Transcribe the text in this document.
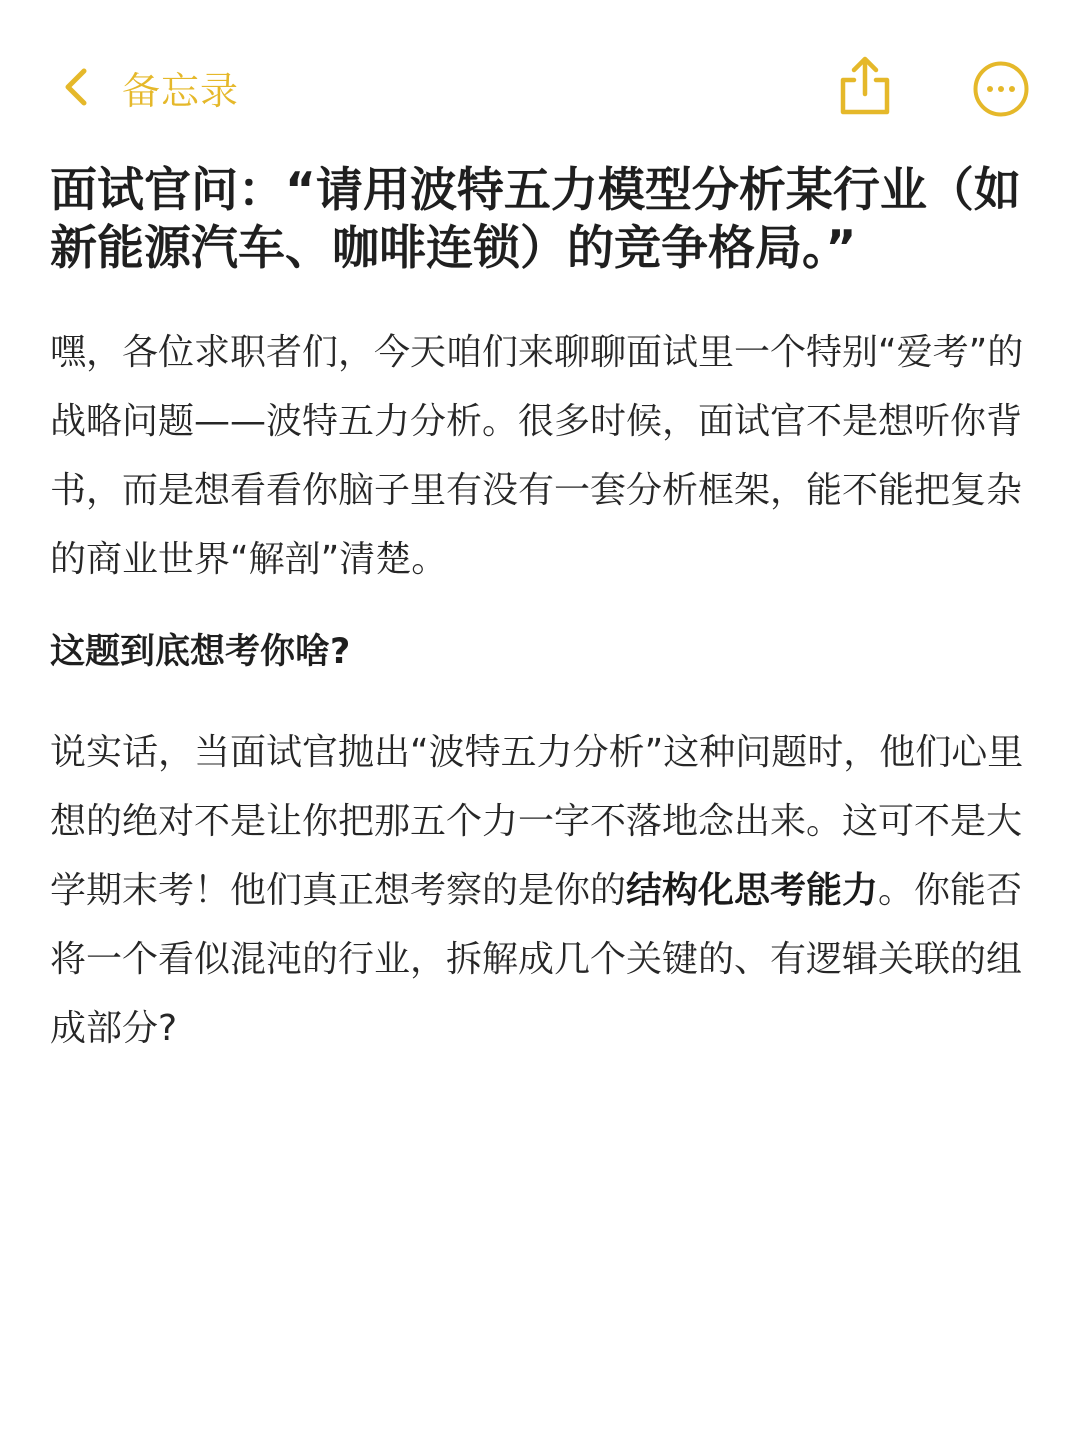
备忘录
面试官问：“请用波特五力模型分析某行业（如新能源汽车、咖啡连锁）的竞争格局。”

嘿，各位求职者们，今天咱们来聊聊面试里一个特别“爱考”的战略问题——波特五力分析。很多时候，面试官不是想听你背书，而是想看看你脑子里有没有一套分析框架，能不能把复杂的商业世界“解剖”清楚。

这题到底想考你啥?

说实话，当面试官抛出“波特五力分析”这种问题时，他们心里想的绝对不是让你把那五个力一字不落地念出来。这可不是大学期末考！他们真正想考察的是你的结构化思考能力。你能否将一个看似混沌的行业，拆解成几个关键的、有逻辑关联的组成部分?
